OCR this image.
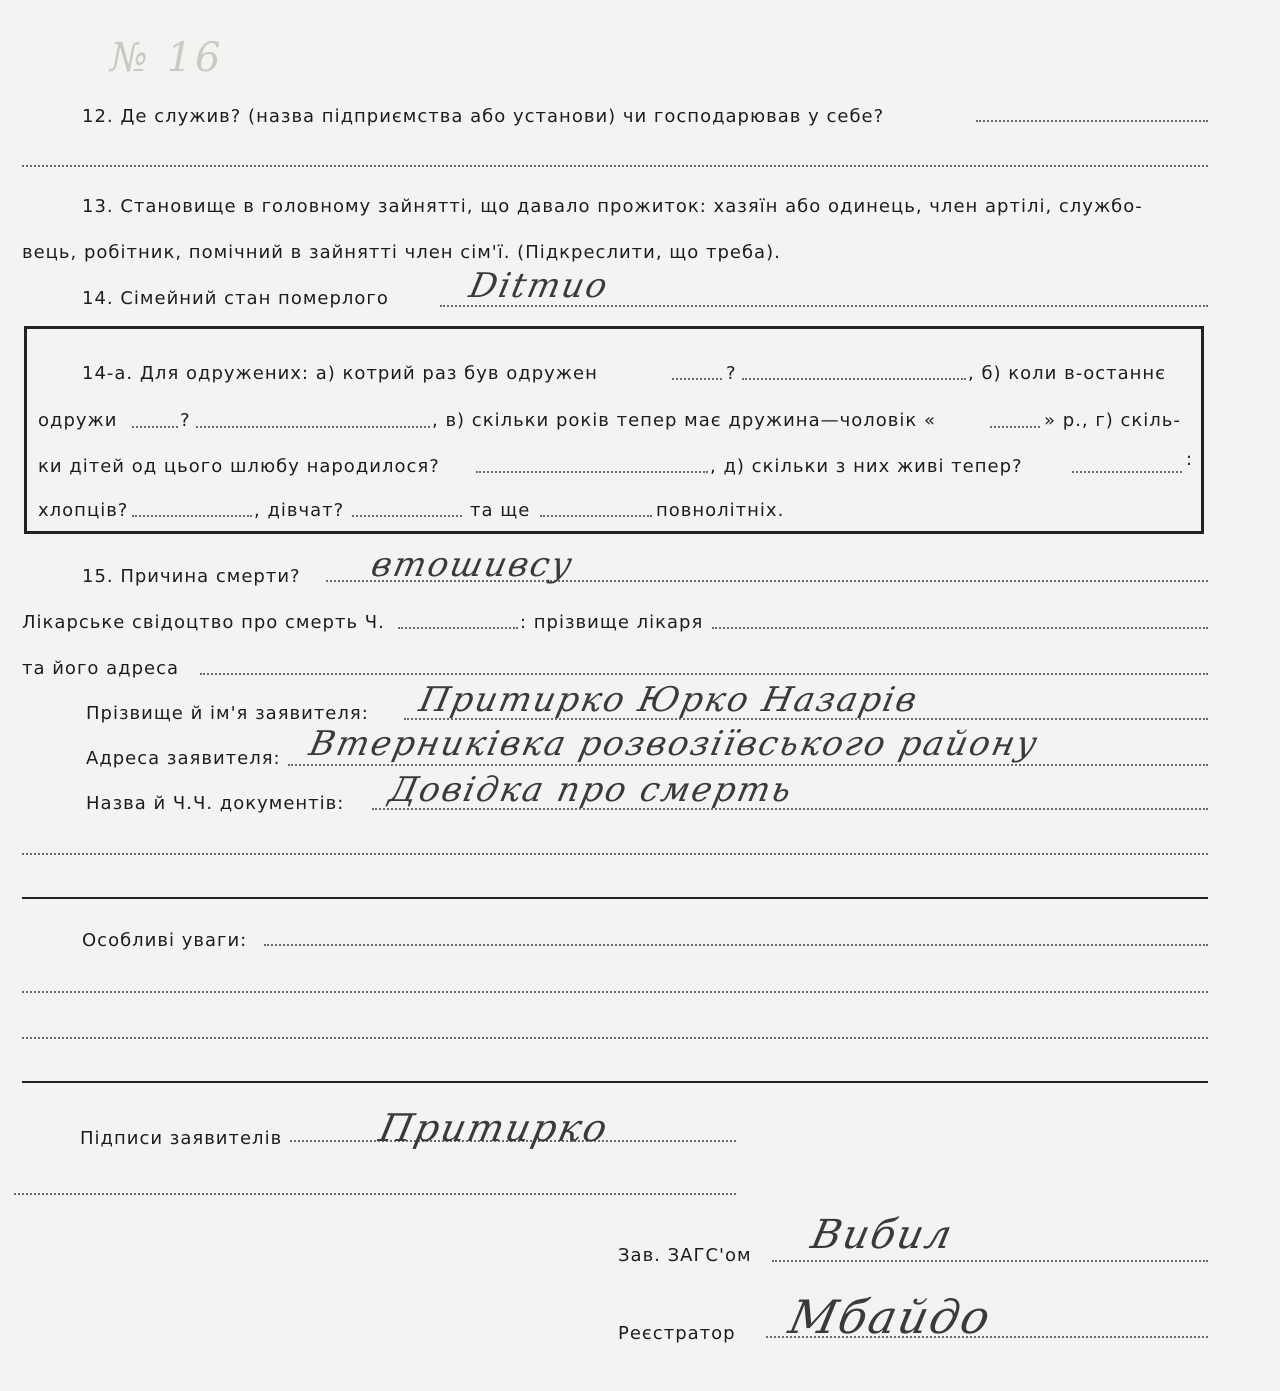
№ 16
12. Де служив? (назва підприємства або установи) чи господарював у себе?
13. Становище в головному зайнятті, що давало прожиток: хазяїн або одинець, член артілі, службо-
вець, робітник, помічний в зайнятті член сім'ї. (Підкреслити, що треба).
14. Сімейний стан померлого Ditmuo
14-а. Для одружених: а) котрий раз був одружен	?	, б) коли в-останнє
одружи	?	, в) скільки років тепер має дружина—чоловік «	» р., г) скіль-
ки дітей од цього шлюбу народилося?	, д) скільки з них живі тепер?	:
хлопців?	, дівчат?	та ще	повнолітніх.
15. Причина смерти? втошивсу
Лікарське свідоцтво про смерть Ч.	: прізвище лікаря
та його адреса
Прізвище й ім'я заявителя: Притирко Юрко Назарів
Адреса заявителя: Втерниківка розвозіївського району
Назва й Ч.Ч. документів: Довідка про смерть
Особливі уваги:
Підписи заявителів Притирко
Зав. ЗАГС'ом Вибил
Реєстратор Мбайдо
